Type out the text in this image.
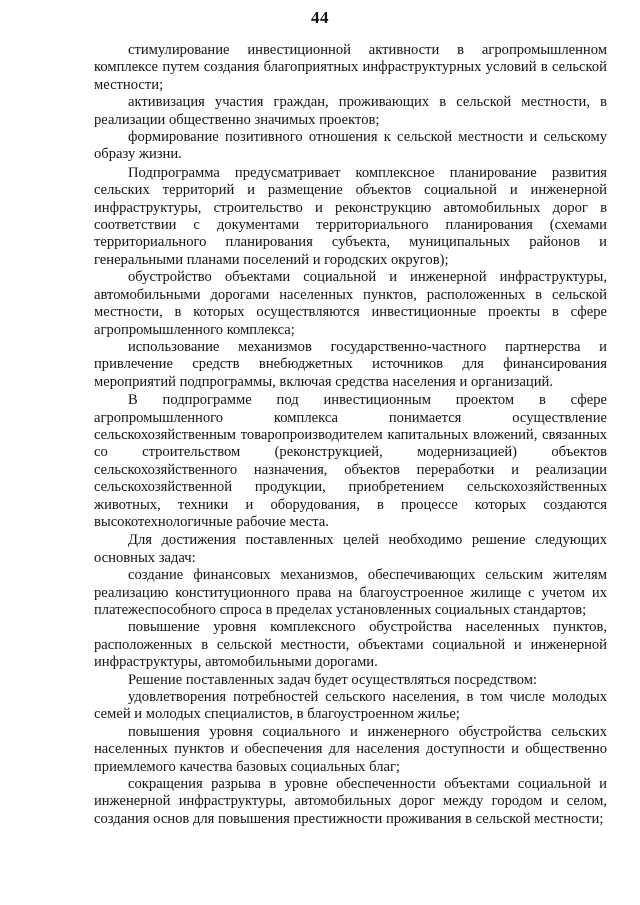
44

стимулирование инвестиционной активности в агропромышленном комплексе путем создания благоприятных инфраструктурных условий в сельской местности;

активизация участия граждан, проживающих в сельской местности, в реализации общественно значимых проектов;

формирование позитивного отношения к сельской местности и сельскому образу жизни.

Подпрограмма предусматривает комплексное планирование развития сельских территорий и размещение объектов социальной и инженерной инфраструктуры, строительство и реконструкцию автомобильных дорог в соответствии с документами территориального планирования (схемами территориального планирования субъекта, муниципальных районов и генеральными планами поселений и городских округов);

обустройство объектами социальной и инженерной инфраструктуры, автомобильными дорогами населенных пунктов, расположенных в сельской местности, в которых осуществляются инвестиционные проекты в сфере агропромышленного комплекса;

использование механизмов государственно-частного партнерства и привлечение средств внебюджетных источников для финансирования мероприятий подпрограммы, включая средства населения и организаций.

В подпрограмме под инвестиционным проектом в сфере агропромышленного комплекса понимается осуществление сельскохозяйственным товаропроизводителем капитальных вложений, связанных со строительством (реконструкцией, модернизацией) объектов сельскохозяйственного назначения, объектов переработки и реализации сельскохозяйственной продукции, приобретением сельскохозяйственных животных, техники и оборудования, в процессе которых создаются высокотехнологичные рабочие места.

Для достижения поставленных целей необходимо решение следующих основных задач:

создание финансовых механизмов, обеспечивающих сельским жителям реализацию конституционного права на благоустроенное жилище с учетом их платежеспособного спроса в пределах установленных социальных стандартов;

повышение уровня комплексного обустройства населенных пунктов, расположенных в сельской местности, объектами социальной и инженерной инфраструктуры, автомобильными дорогами.

Решение поставленных задач будет осуществляться посредством:

удовлетворения потребностей сельского населения, в том числе молодых семей и молодых специалистов, в благоустроенном жилье;

повышения уровня социального и инженерного обустройства сельских населенных пунктов и обеспечения для населения доступности и общественно приемлемого качества базовых социальных благ;

сокращения разрыва в уровне обеспеченности объектами социальной и инженерной инфраструктуры, автомобильных дорог между городом и селом, создания основ для повышения престижности проживания в сельской местности;
